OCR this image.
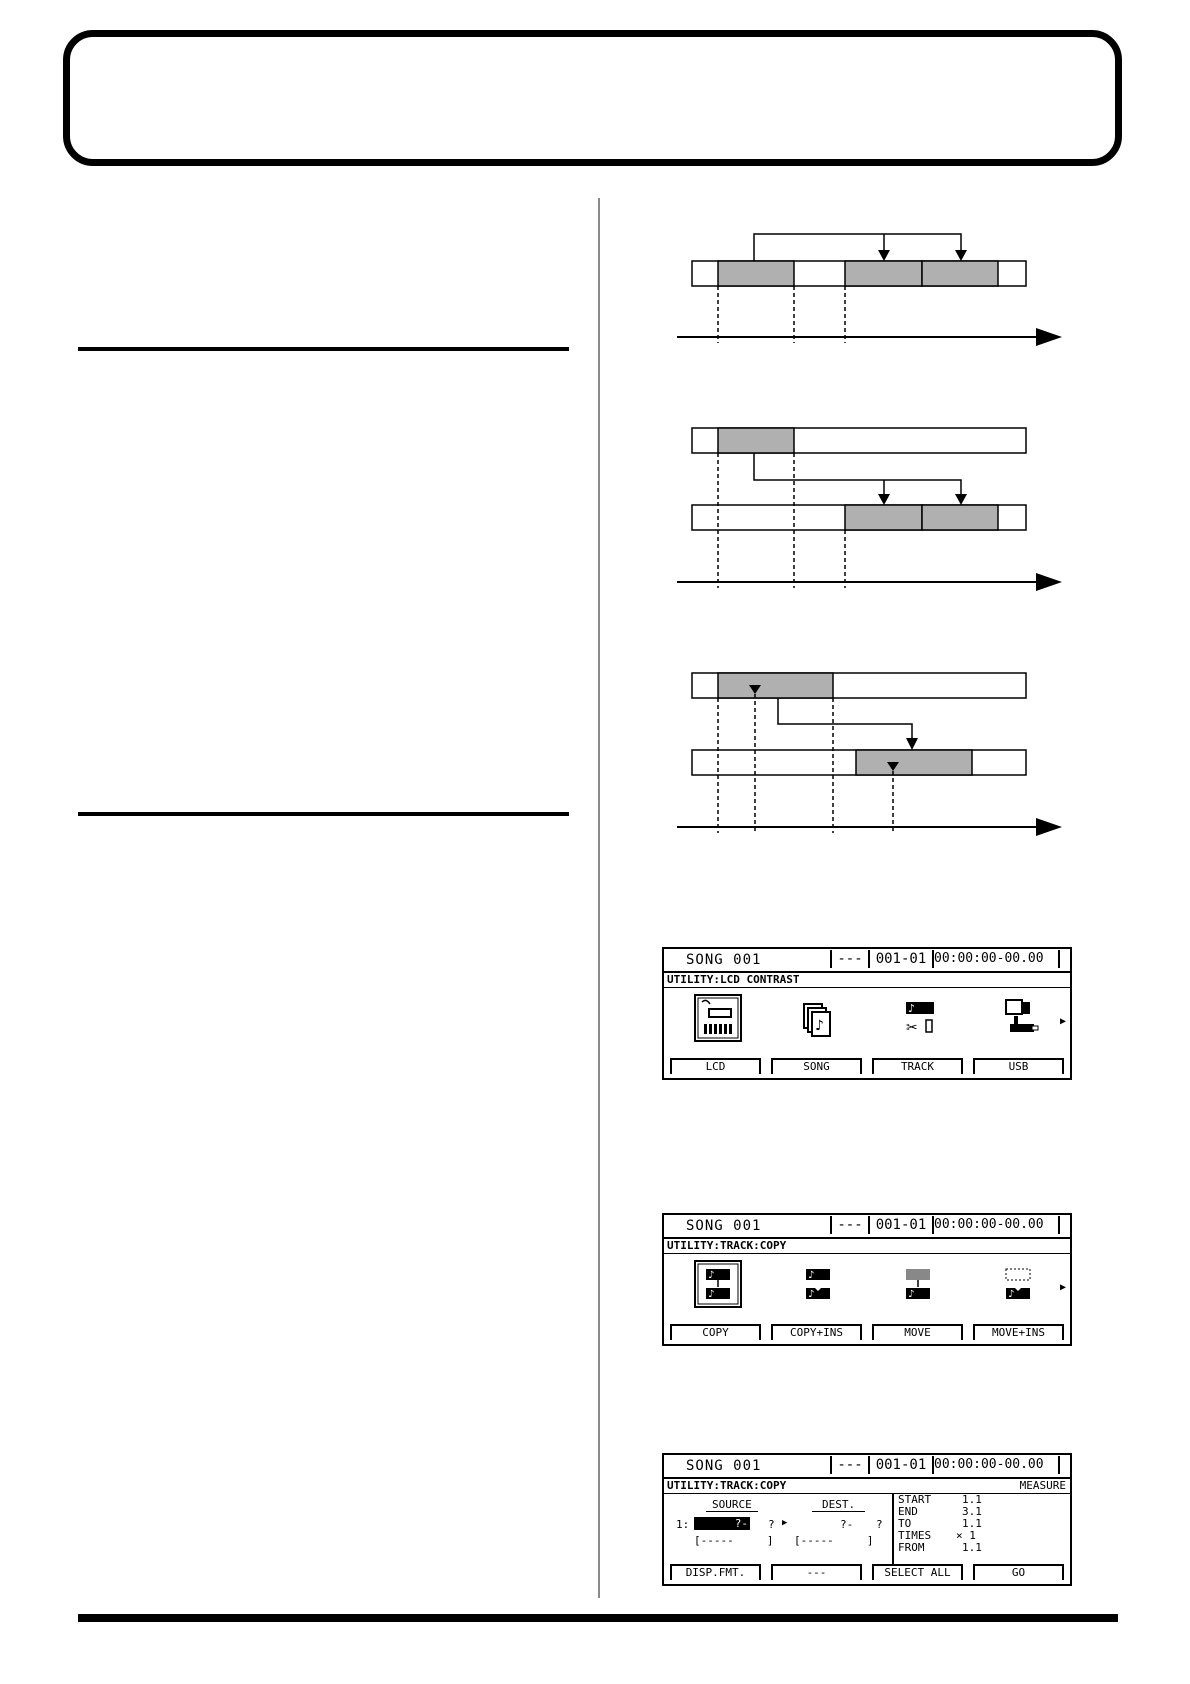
SONG 001	--- 001-01 00:00:00-00.00
UTILITY:LCD CONTRAST
♪
♪
✂	▶
LCD	SONG	TRACK	USB
SONG 001	--- 001-01 00:00:00-00.00
UTILITY:TRACK:COPY
♪
♪
♪
♪	♪	♪
▶
COPY	COPY+INS	MOVE	MOVE+INS
SONG 001	--- 001-01 00:00:00-00.00
UTILITY:TRACK:COPY	MEASURE
SOURCE	DEST.
1:	?- ? ▶	?- ?
[-----     ] [-----     ]
START	1.1
END	3.1
TO	1.1
TIMES	× 1
FROM	1.1
DISP.FMT.	---	SELECT ALL	GO
